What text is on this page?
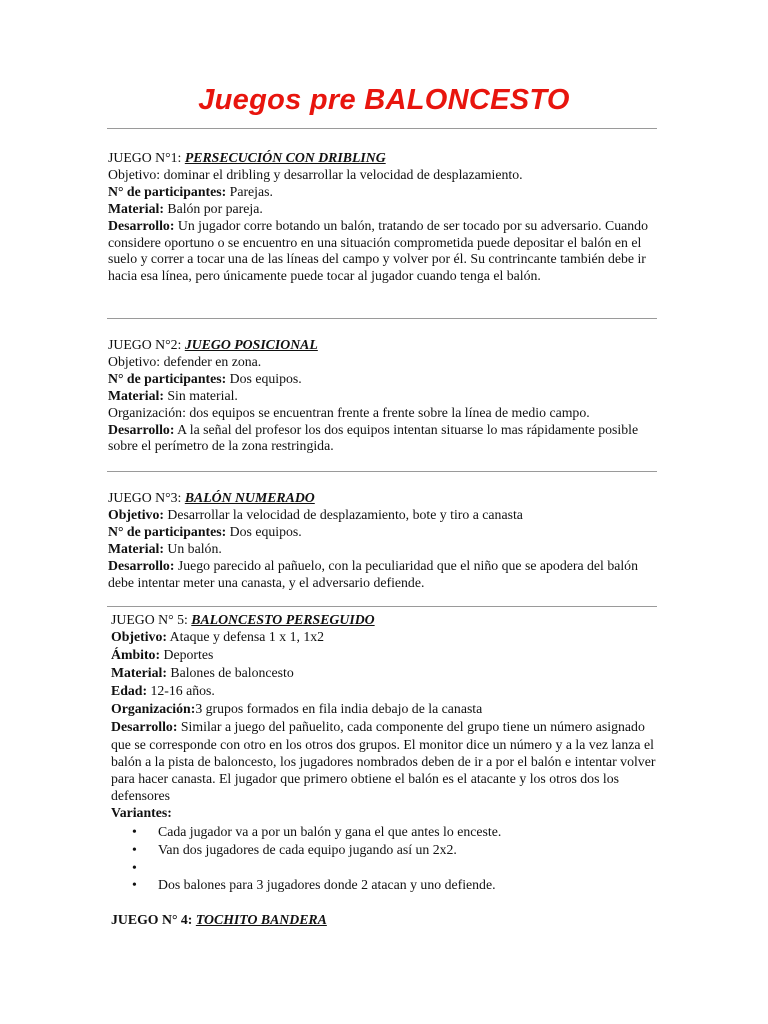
Juegos pre BALONCESTO

JUEGO N°1: PERSECUCIÓN CON DRIBLING

Objetivo: dominar el dribling y desarrollar la velocidad de desplazamiento.

N° de participantes: Parejas.

Material: Balón por pareja.

Desarrollo: Un jugador corre botando un balón, tratando de ser tocado por su adversario. Cuando considere oportuno o se encuentro en una situación comprometida puede depositar el balón en el suelo y correr a tocar una de las líneas del campo y volver por él. Su contrincante también debe ir hacia esa línea, pero únicamente puede tocar al jugador cuando tenga el balón.

JUEGO N°2: JUEGO POSICIONAL

Objetivo: defender en zona.

N° de participantes: Dos equipos.

Material: Sin material.

Organización: dos equipos se encuentran frente a frente sobre la línea de medio campo.

Desarrollo: A la señal del profesor los dos equipos intentan situarse lo mas rápidamente posible sobre el perímetro de la zona restringida.

JUEGO N°3: BALÓN NUMERADO

Objetivo: Desarrollar la velocidad de desplazamiento, bote y tiro a canasta

N° de participantes: Dos equipos.

Material: Un balón.

Desarrollo: Juego parecido al pañuelo, con la peculiaridad que el niño que se apodera del balón debe intentar meter una canasta, y el adversario defiende.

JUEGO N° 5: BALONCESTO PERSEGUIDO

Objetivo: Ataque y defensa 1 x 1, 1x2

Ámbito: Deportes

Material: Balones de baloncesto

Edad: 12-16 años.

Organización:3 grupos formados en fila india debajo de la canasta

Desarrollo: Similar a juego del pañuelito, cada componente del grupo tiene un número asignado que se corresponde con otro en los otros dos grupos. El monitor dice un número y a la vez lanza el balón a la pista de baloncesto, los jugadores nombrados deben de ir a por el balón e intentar volver para hacer canasta. El jugador que primero obtiene el balón es el atacante y los otros dos los defensores

Variantes:

• Cada jugador va a por un balón y gana el que antes lo enceste.
• Van dos jugadores de cada equipo jugando así un 2x2.
•
• Dos balones para 3 jugadores donde 2 atacan y uno defiende.

JUEGO N° 4: TOCHITO BANDERA
